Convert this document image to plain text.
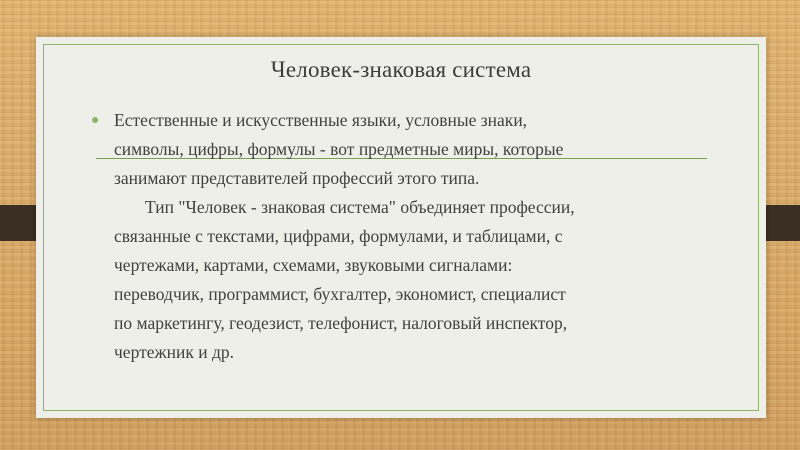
Человек-знаковая система
● Естественные и искусственные языки, условные знаки,
символы, цифры, формулы - вот предметные миры, которые
занимают представителей профессий этого типа.
Тип "Человек - знаковая система" объединяет профессии,
связанные с текстами, цифрами, формулами, и таблицами, с
чертежами, картами, схемами, звуковыми сигналами:
переводчик, программист, бухгалтер, экономист, специалист
по маркетингу, геодезист, телефонист, налоговый инспектор,
чертежник и др.
